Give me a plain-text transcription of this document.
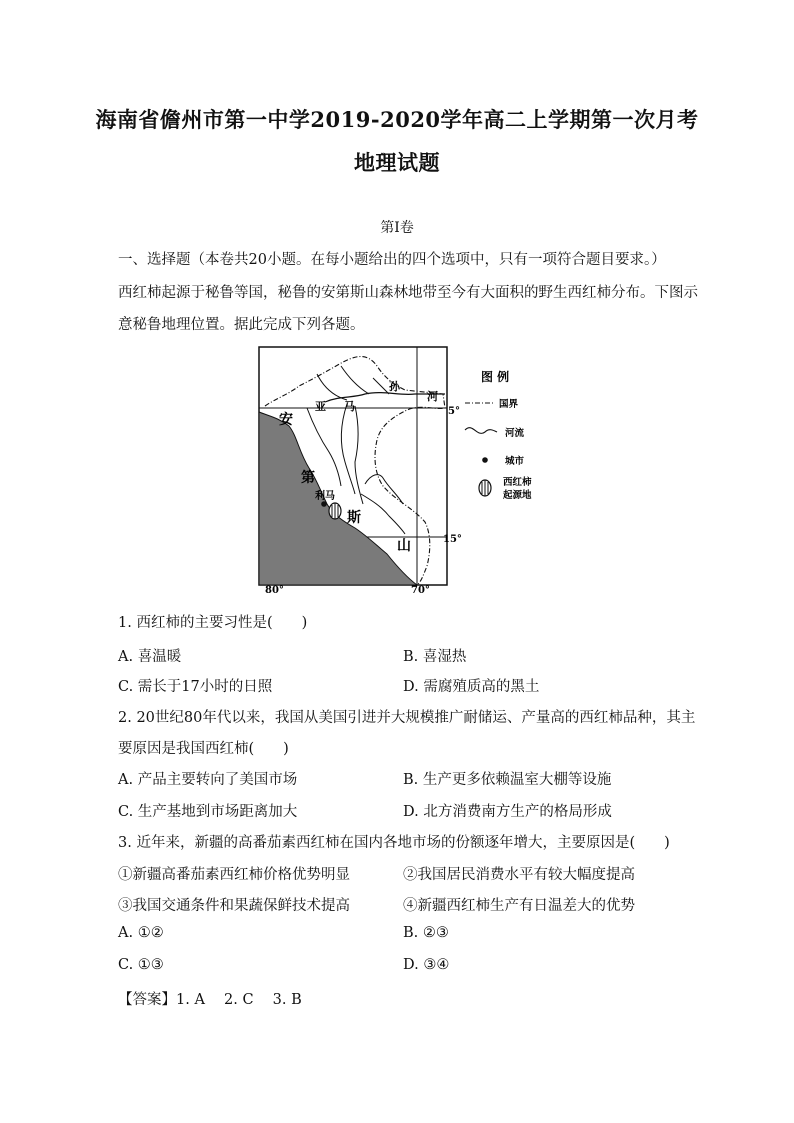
海南省儋州市第一中学2019-2020学年高二上学期第一次月考
地理试题
第I卷
一、选择题（本卷共20小题。在每小题给出的四个选项中，只有一项符合题目要求。）
西红柿起源于秘鲁等国，秘鲁的安第斯山森林地带至今有大面积的野生西红柿分布。下图示
意秘鲁地理位置。据此完成下列各题。
安
第
斯
山
亚 马
孙
河
利马
5°
15°
80°	70°
图 例
国界
河流
城市
西红柿
起源地
1. 西红柿的主要习性是(　　)
A. 喜温暖	B. 喜湿热
C. 需长于17小时的日照	D. 需腐殖质高的黑土
2. 20世纪80年代以来，我国从美国引进并大规模推广耐储运、产量高的西红柿品种，其主
要原因是我国西红柿(　　)
A. 产品主要转向了美国市场	B. 生产更多依赖温室大棚等设施
C. 生产基地到市场距离加大	D. 北方消费南方生产的格局形成
3. 近年来，新疆的高番茄素西红柿在国内各地市场的份额逐年增大，主要原因是(　　)
①新疆高番茄素西红柿价格优势明显	②我国居民消费水平有较大幅度提高
③我国交通条件和果蔬保鲜技术提高	④新疆西红柿生产有日温差大的优势
A. ①②	B. ②③
C. ①③	D. ③④
【答案】1. A　 2. C　 3. B
